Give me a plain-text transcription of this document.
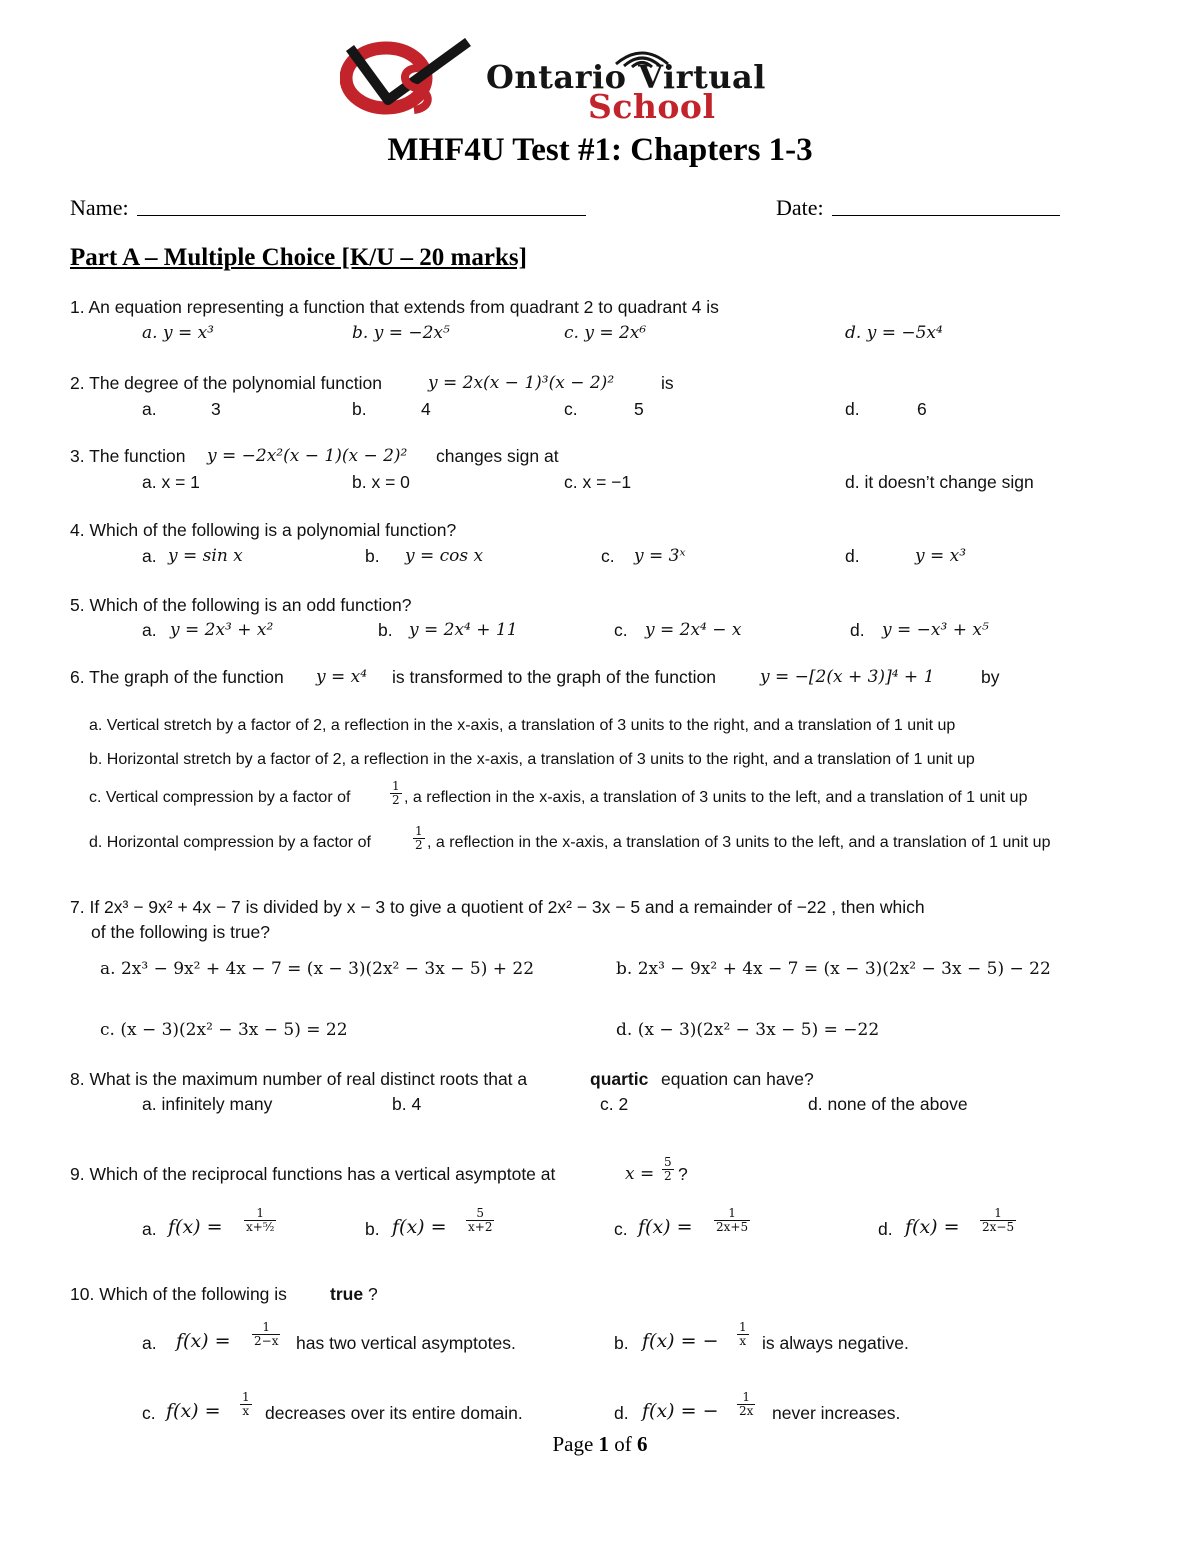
Ontario Virtual
School
MHF4U Test #1: Chapters 1-3
Name:	Date:
Part A – Multiple Choice [K/U – 20 marks]
1. An equation representing a function that extends from quadrant 2 to quadrant 4 is
a. y = x³	b. y = −2x⁵	c. y = 2x⁶	d. y = −5x⁴
2. The degree of the polynomial function	y = 2x(x − 1)³(x − 2)²	is
a.	3	b.	4	c.	5	d.	6
3. The function y = −2x²(x − 1)(x − 2)² changes sign at
a. x = 1	b. x = 0	c. x = −1	d. it doesn’t change sign
4. Which of the following is a polynomial function?
a. y = sin x	b. y = cos x	c. y = 3ˣ	d.	y = x³
5. Which of the following is an odd function?
a. y = 2x³ + x²	b. y = 2x⁴ + 11	c. y = 2x⁴ − x	d. y = −x³ + x⁵
6. The graph of the function y = x⁴ is transformed to the graph of the function	y = −[2(x + 3)]⁴ + 1	by
a. Vertical stretch by a factor of 2, a reflection in the x-axis, a translation of 3 units to the right, and a translation of 1 unit up
b. Horizontal stretch by a factor of 2, a reflection in the x-axis, a translation of 3 units to the right, and a translation of 1 unit up
c. Vertical compression by a factor of	$\frac{1}{2}$ , a reflection in the x-axis, a translation of 3 units to the left, and a translation of 1 unit up
d. Horizontal compression by a factor of	$\frac{1}{2}$ , a reflection in the x-axis, a translation of 3 units to the left, and a translation of 1 unit up
7. If 2x³ − 9x² + 4x − 7 is divided by x − 3 to give a quotient of 2x² − 3x − 5 and a remainder of −22 , then which
of the following is true?
a. 2x³ − 9x² + 4x − 7 = (x − 3)(2x² − 3x − 5) + 22	b. 2x³ − 9x² + 4x − 7 = (x − 3)(2x² − 3x − 5) − 22
c. (x − 3)(2x² − 3x − 5) = 22	d. (x − 3)(2x² − 3x − 5) = −22
8. What is the maximum number of real distinct roots that a	quartic equation can have?
a. infinitely many	b. 4	c. 2	d. none of the above
9. Which of the reciprocal functions has a vertical asymptote at	$x = \frac{5}{2}$ ?
a. $f(x) = \frac{1}{\text{x+⁵⁄₂}}$	b. $f(x) = \frac{5}{x+2}$	c. $f(x) = \frac{1}{2x+5}$	d. $f(x) = \frac{1}{2x-5}$
10. Which of the following is true ?
a. $f(x) = \frac{1}{2-x}$ has two vertical asymptotes.	b. f(x) = − $\frac{1}{x}$ is always negative.
c. $f(x) = \frac{1}{x}$ decreases over its entire domain.	d. f(x) = − $\frac{1}{2x}$ never increases.
Page 1 of 6
